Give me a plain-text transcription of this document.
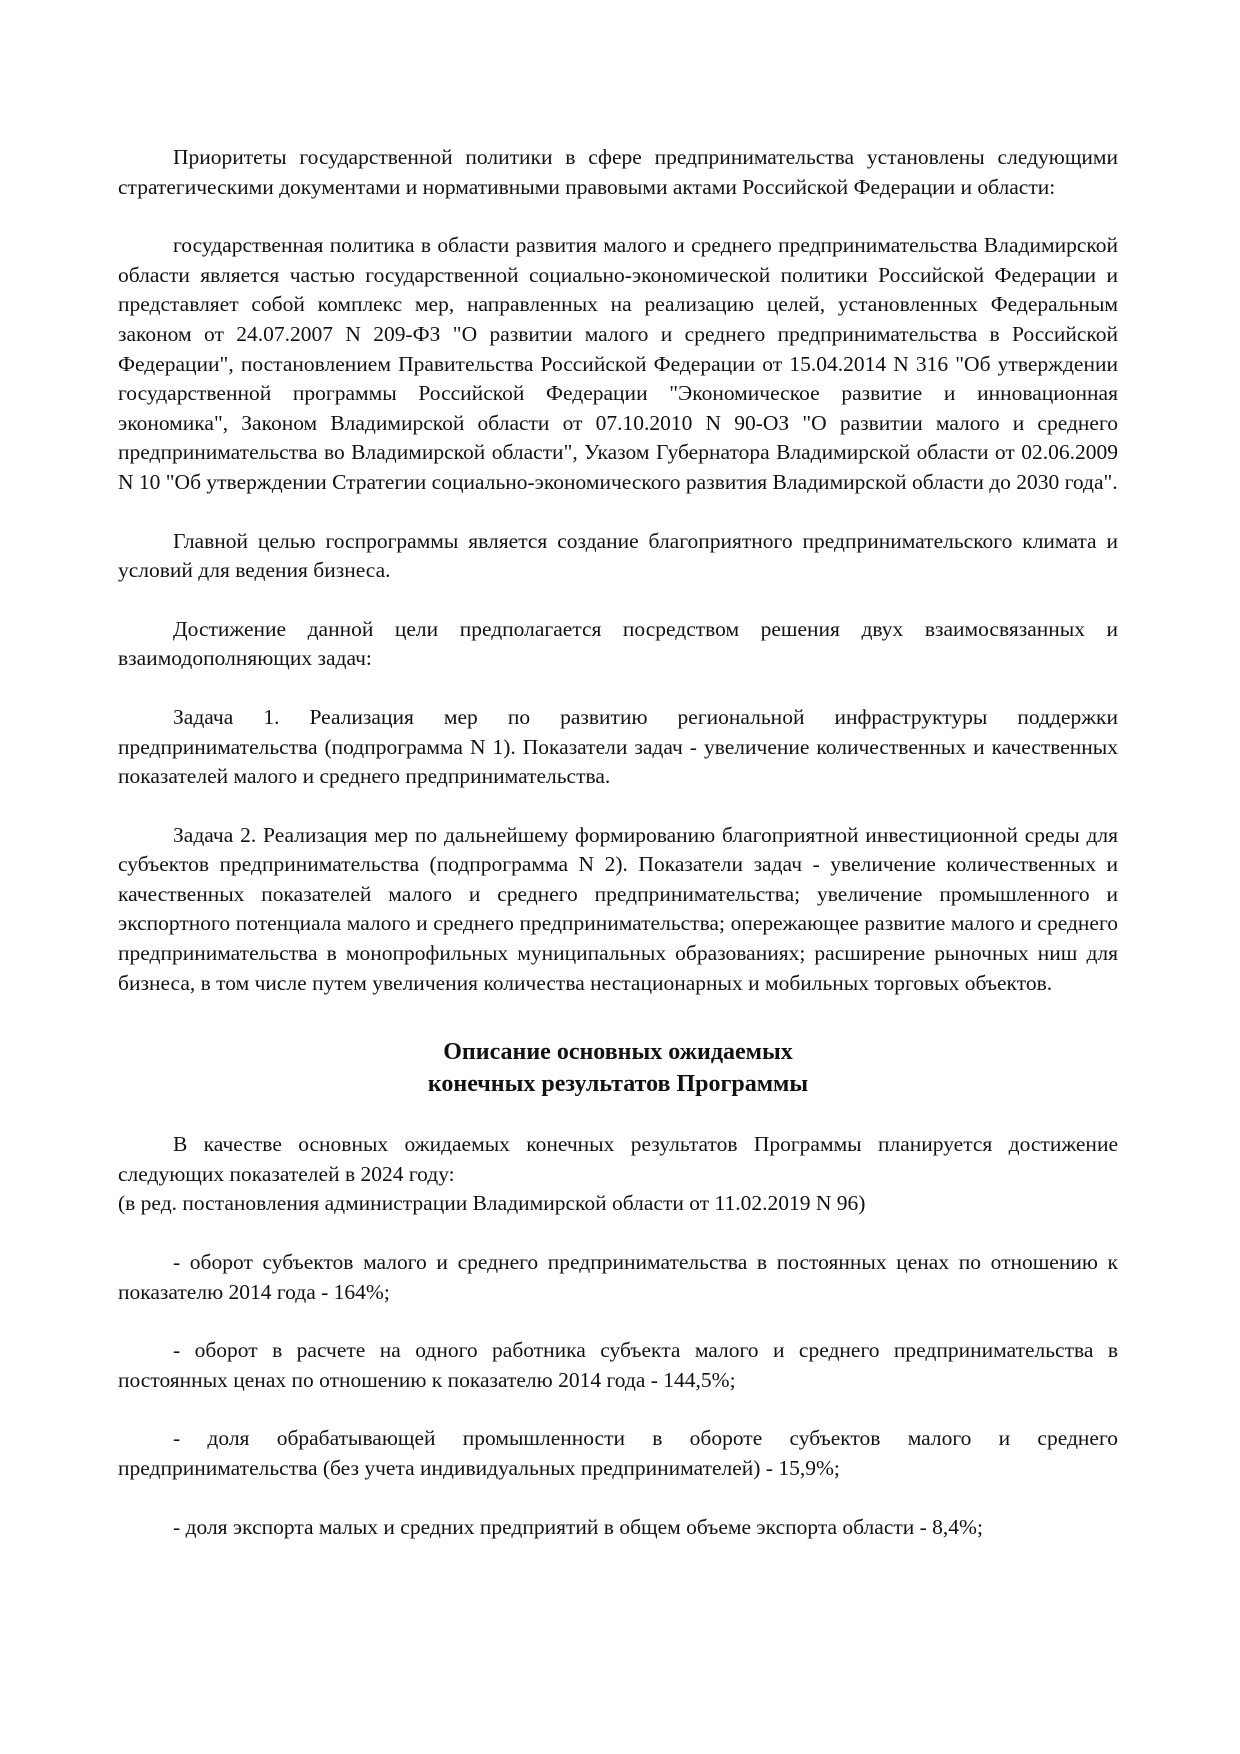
Приоритеты государственной политики в сфере предпринимательства установлены следующими стратегическими документами и нормативными правовыми актами Российской Федерации и области:

государственная политика в области развития малого и среднего предпринимательства Владимирской области является частью государственной социально-экономической политики Российской Федерации и представляет собой комплекс мер, направленных на реализацию целей, установленных Федеральным законом от 24.07.2007 N 209-ФЗ "О развитии малого и среднего предпринимательства в Российской Федерации", постановлением Правительства Российской Федерации от 15.04.2014 N 316 "Об утверждении государственной программы Российской Федерации "Экономическое развитие и инновационная экономика", Законом Владимирской области от 07.10.2010 N 90-ОЗ "О развитии малого и среднего предпринимательства во Владимирской области", Указом Губернатора Владимирской области от 02.06.2009 N 10 "Об утверждении Стратегии социально-экономического развития Владимирской области до 2030 года".

Главной целью госпрограммы является создание благоприятного предпринимательского климата и условий для ведения бизнеса.

Достижение данной цели предполагается посредством решения двух взаимосвязанных и взаимодополняющих задач:

Задача 1. Реализация мер по развитию региональной инфраструктуры поддержки предпринимательства (подпрограмма N 1). Показатели задач - увеличение количественных и качественных показателей малого и среднего предпринимательства.

Задача 2. Реализация мер по дальнейшему формированию благоприятной инвестиционной среды для субъектов предпринимательства (подпрограмма N 2). Показатели задач - увеличение количественных и качественных показателей малого и среднего предпринимательства; увеличение промышленного и экспортного потенциала малого и среднего предпринимательства; опережающее развитие малого и среднего предпринимательства в монопрофильных муниципальных образованиях; расширение рыночных ниш для бизнеса, в том числе путем увеличения количества нестационарных и мобильных торговых объектов.

Описание основных ожидаемых
конечных результатов Программы

В качестве основных ожидаемых конечных результатов Программы планируется достижение следующих показателей в 2024 году:

(в ред. постановления администрации Владимирской области от 11.02.2019 N 96)

- оборот субъектов малого и среднего предпринимательства в постоянных ценах по отношению к показателю 2014 года - 164%;

- оборот в расчете на одного работника субъекта малого и среднего предпринимательства в постоянных ценах по отношению к показателю 2014 года - 144,5%;

- доля обрабатывающей промышленности в обороте субъектов малого и среднего предпринимательства (без учета индивидуальных предпринимателей) - 15,9%;

- доля экспорта малых и средних предприятий в общем объеме экспорта области - 8,4%;
